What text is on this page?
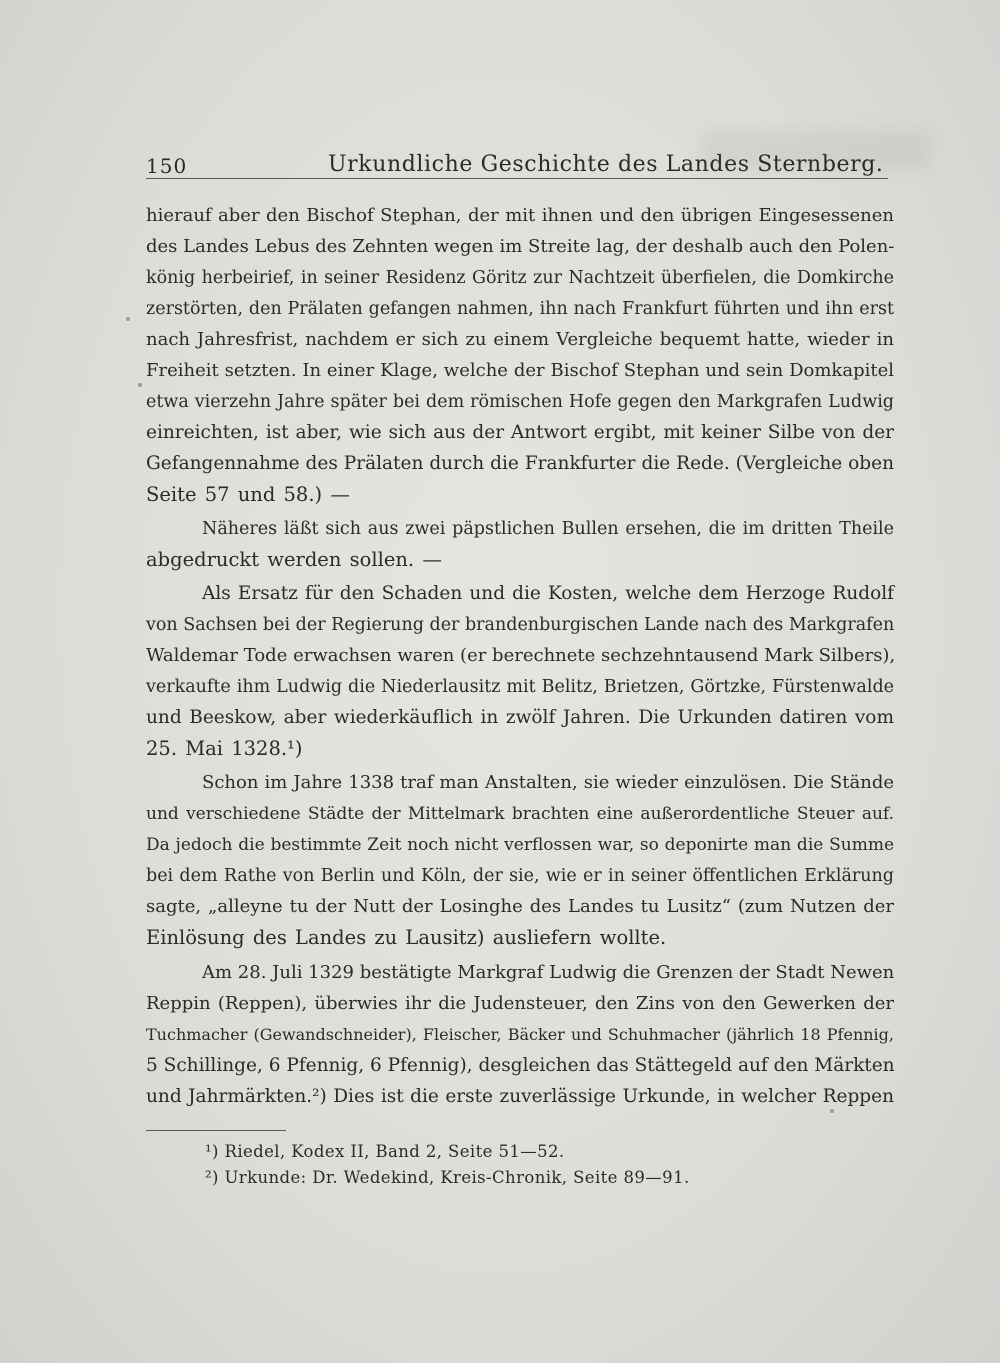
150	Urkundliche Geschichte des Landes Sternberg.
hierauf aber den Bischof Stephan, der mit ihnen und den übrigen Eingesessenen
des Landes Lebus des Zehnten wegen im Streite lag, der deshalb auch den Polen-
könig herbeirief, in seiner Residenz Göritz zur Nachtzeit überfielen, die Domkirche
zerstörten, den Prälaten gefangen nahmen, ihn nach Frankfurt führten und ihn erst
nach Jahresfrist, nachdem er sich zu einem Vergleiche bequemt hatte, wieder in
Freiheit setzten. In einer Klage, welche der Bischof Stephan und sein Domkapitel
etwa vierzehn Jahre später bei dem römischen Hofe gegen den Markgrafen Ludwig
einreichten, ist aber, wie sich aus der Antwort ergibt, mit keiner Silbe von der
Gefangennahme des Prälaten durch die Frankfurter die Rede. (Vergleiche oben
Seite 57 und 58.) —
Näheres läßt sich aus zwei päpstlichen Bullen ersehen, die im dritten Theile
abgedruckt werden sollen. —
Als Ersatz für den Schaden und die Kosten, welche dem Herzoge Rudolf
von Sachsen bei der Regierung der brandenburgischen Lande nach des Markgrafen
Waldemar Tode erwachsen waren (er berechnete sechzehntausend Mark Silbers),
verkaufte ihm Ludwig die Niederlausitz mit Belitz, Brietzen, Görtzke, Fürstenwalde
und Beeskow, aber wiederkäuflich in zwölf Jahren. Die Urkunden datiren vom
25. Mai 1328.¹)
Schon im Jahre 1338 traf man Anstalten, sie wieder einzulösen. Die Stände
und verschiedene Städte der Mittelmark brachten eine außerordentliche Steuer auf.
Da jedoch die bestimmte Zeit noch nicht verflossen war, so deponirte man die Summe
bei dem Rathe von Berlin und Köln, der sie, wie er in seiner öffentlichen Erklärung
sagte, „alleyne tu der Nutt der Losinghe des Landes tu Lusitz“ (zum Nutzen der
Einlösung des Landes zu Lausitz) ausliefern wollte.
Am 28. Juli 1329 bestätigte Markgraf Ludwig die Grenzen der Stadt Newen
Reppin (Reppen), überwies ihr die Judensteuer, den Zins von den Gewerken der
Tuchmacher (Gewandschneider), Fleischer, Bäcker und Schuhmacher (jährlich 18 Pfennig,
5 Schillinge, 6 Pfennig, 6 Pfennig), desgleichen das Stättegeld auf den Märkten
und Jahrmärkten.²) Dies ist die erste zuverlässige Urkunde, in welcher Reppen
¹) Riedel, Kodex II, Band 2, Seite 51—52.
²) Urkunde: Dr. Wedekind, Kreis-Chronik, Seite 89—91.
